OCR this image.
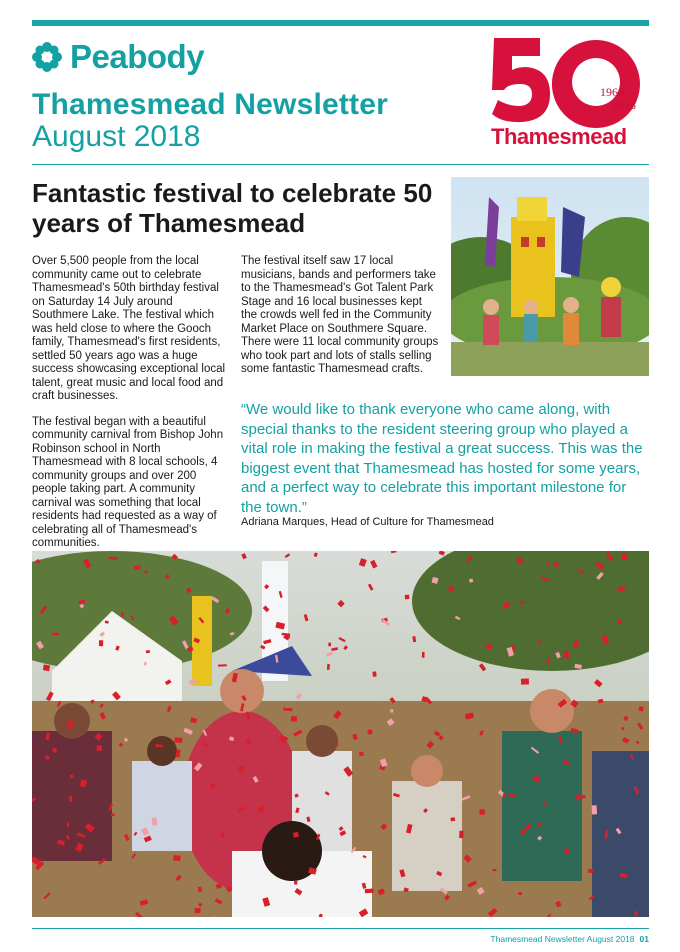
Peabody
Thamesmead Newsletter
August 2018
1968—
2018
Thamesmead
Fantastic festival to celebrate 50 years of Thamesmead

Over 5,500 people from the local community came out to celebrate Thamesmead's 50th birthday festival on Saturday 14 July around Southmere Lake. The festival which was held close to where the Gooch family, Thamesmead's first residents, settled 50 years ago was a huge success showcasing exceptional local talent, great music and local food and craft businesses.

The festival began with a beautiful community carnival from Bishop John Robinson school in North Thamesmead with 8 local schools, 4 community groups and over 200 people taking part. A community carnival was something that local residents had requested as a way of celebrating all of Thamesmead's communities.

The festival itself saw 17 local musicians, bands and performers take to the Thamesmead's Got Talent Park Stage and 16 local businesses kept the crowds well fed in the Community Market Place on Southmere Square. There were 11 local community groups who took part and lots of stalls selling some fantastic Thamesmead crafts.

“We would like to thank everyone who came along, with special thanks to the resident steering group who played a vital role in making the festival a great success. This was the biggest event that Thamesmead has hosted for some years, and a perfect way to celebrate this important milestone for the town.”
Adriana Marques, Head of Culture for Thamesmead
Thamesmead Newsletter August 2018 01
